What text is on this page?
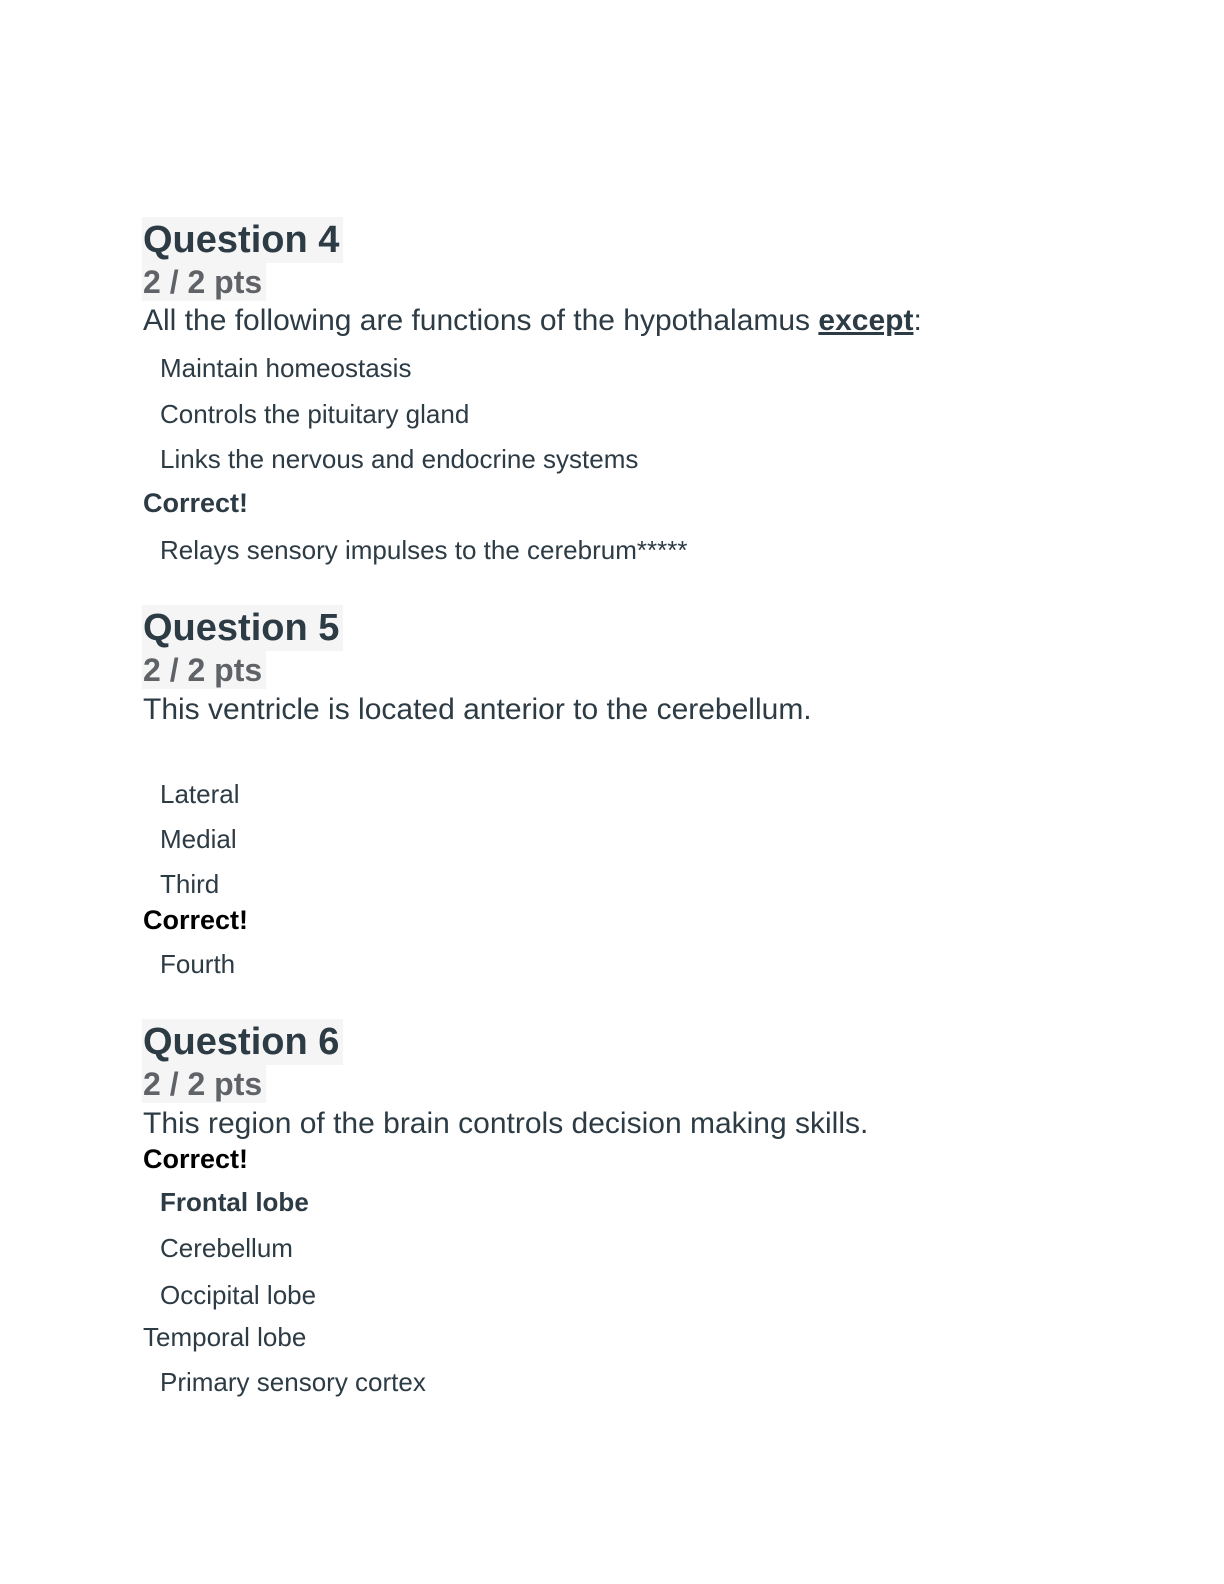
Question 4
2 / 2 pts
All the following are functions of the hypothalamus except:
Maintain homeostasis
Controls the pituitary gland
Links the nervous and endocrine systems
Correct!
Relays sensory impulses to the cerebrum*****
Question 5
2 / 2 pts
This ventricle is located anterior to the cerebellum.
Lateral
Medial
Third
Correct!
Fourth
Question 6
2 / 2 pts
This region of the brain controls decision making skills.
Correct!
Frontal lobe
Cerebellum
Occipital lobe
Temporal lobe
Primary sensory cortex
